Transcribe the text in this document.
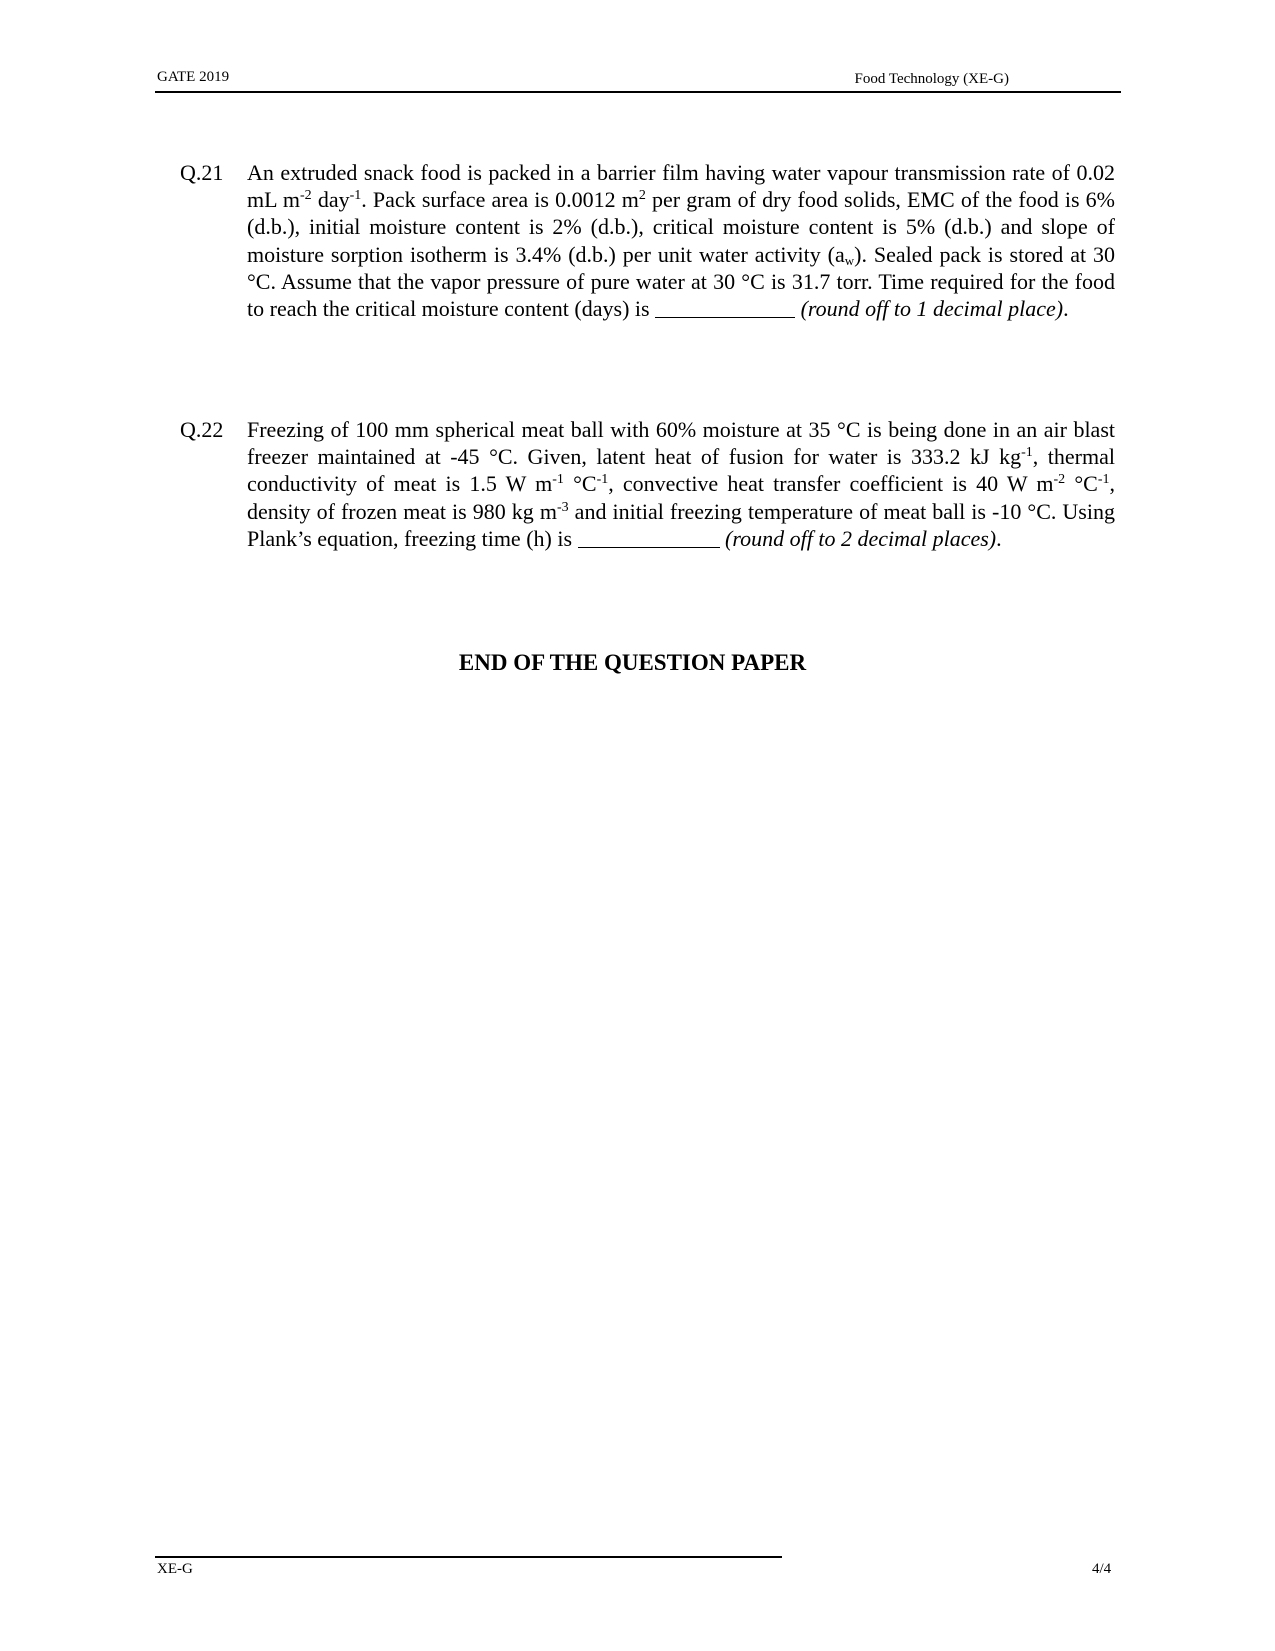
GATE 2019	Food Technology (XE-G)
Q.21 An extruded snack food is packed in a barrier film having water vapour transmission rate of 0.02 mL $m^{-2}$ day$^{-1}$. Pack surface area is 0.0012 $m^2$ per gram of dry food solids, EMC of the food is 6% (d.b.), initial moisture content is 2% (d.b.), critical moisture content is 5% (d.b.) and slope of moisture sorption isotherm is 3.4% (d.b.) per unit water activity $(a_w)$. Sealed pack is stored at 30 °C. Assume that the vapor pressure of pure water at 30 °C is 31.7 torr. Time required for the food to reach the critical moisture content (days) is	(round off to 1 decimal place).
Q.22 Freezing of 100 mm spherical meat ball with 60% moisture at 35 °C is being done in an air blast freezer maintained at -45 °C. Given, latent heat of fusion for water is 333.2 kJ $kg^{-1}$, thermal conductivity of meat is 1.5 W $m^{-1}$ $^\circ C^{-1}$, convective heat transfer coefficient is 40 W $m^{-2}$ $^\circ C^{-1}$, density of frozen meat is 980 kg $m^{-3}$ and initial freezing temperature of meat ball is -10 °C. Using Plank’s equation, freezing time (h) is	(round off to 2 decimal places).
END OF THE QUESTION PAPER
XE-G	4/4
